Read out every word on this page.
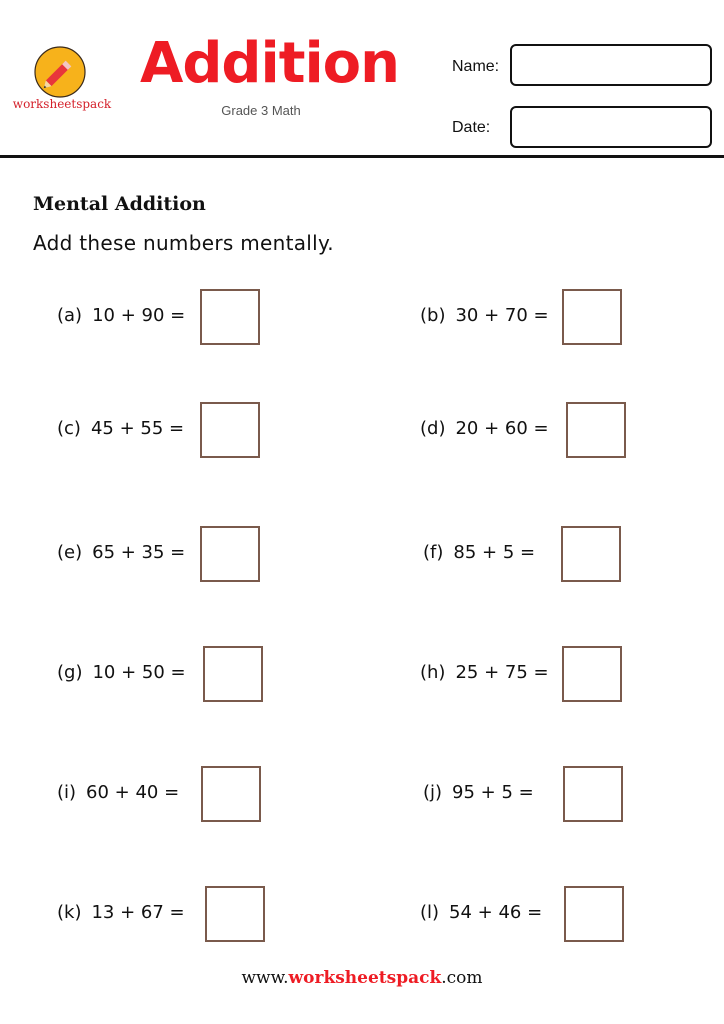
worksheetspack
Addition
Grade 3 Math
Name:
Date:
Mental Addition
Add these numbers mentally.
(a) 10 + 90 =
(c) 45 + 55 =
(e) 65 + 35 =
(g) 10 + 50 =
(i) 60 + 40 =
(k) 13 + 67 =
(b) 30 + 70 =
(d) 20 + 60 =
(f) 85 + 5 =
(h) 25 + 75 =
(j) 95 + 5 =
(l) 54 + 46 =
www.worksheetspack.com
